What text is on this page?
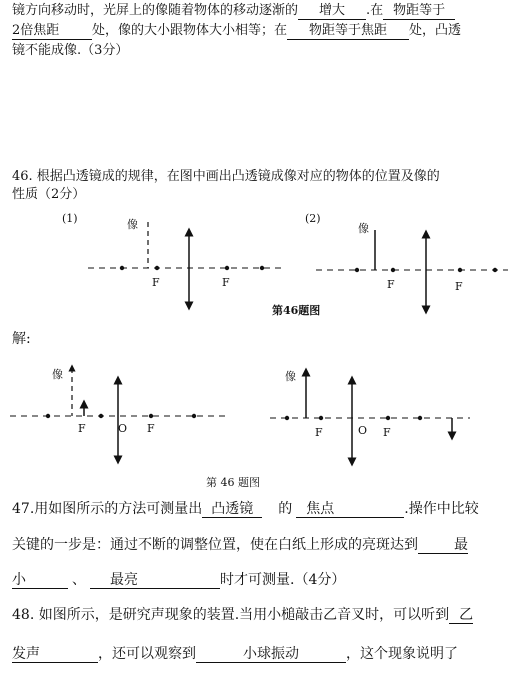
镜方向移动时，光屏上的像随着物体的移动逐渐的 增大 .在 物距等于
2倍焦距	处，像的大小跟物体大小相等；在 物距等于焦距 处，凸透
镜不能成像.（3分）
46. 根据凸透镜成的规律，在图中画出凸透镜成像对应的物体的位置及像的
性质（2分）
(1)	像
F	F
(2)
像
F	F
第46题图
解:
像
F	O F
像
F	O F
第 46 题图
47.用如图所示的方法可测量出 凸透镜 的 焦点	.操作中比较
关键的一步是：通过不断的调整位置，使在白纸上形成的亮斑达到	最
小	、 最亮	时才可测量.（4分）
48. 如图所示，是研究声现象的装置.当用小槌敲击乙音叉时，可以听到 乙
发声	，还可以观察到	小球振动	，这个现象说明了
